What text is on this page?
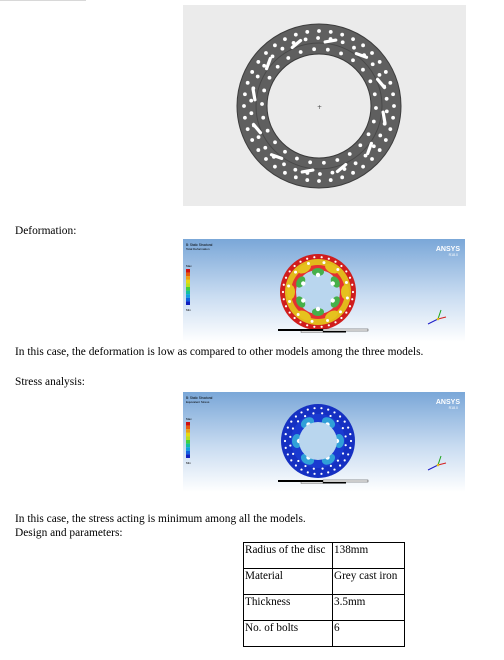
+
Deformation:
B: Static Structural
Total Deformation
Max
Min
ANSYS
R18.0
In this case, the deformation is low as compared to other models among the three models.
Stress analysis:
B: Static Structural
Equivalent Stress
Max
Min
ANSYS
R18.0
In this case, the stress acting is minimum among all the models.
Design and parameters:
Radius of the disc	138mm
Material	Grey cast iron
Thickness	3.5mm
No. of bolts	6
